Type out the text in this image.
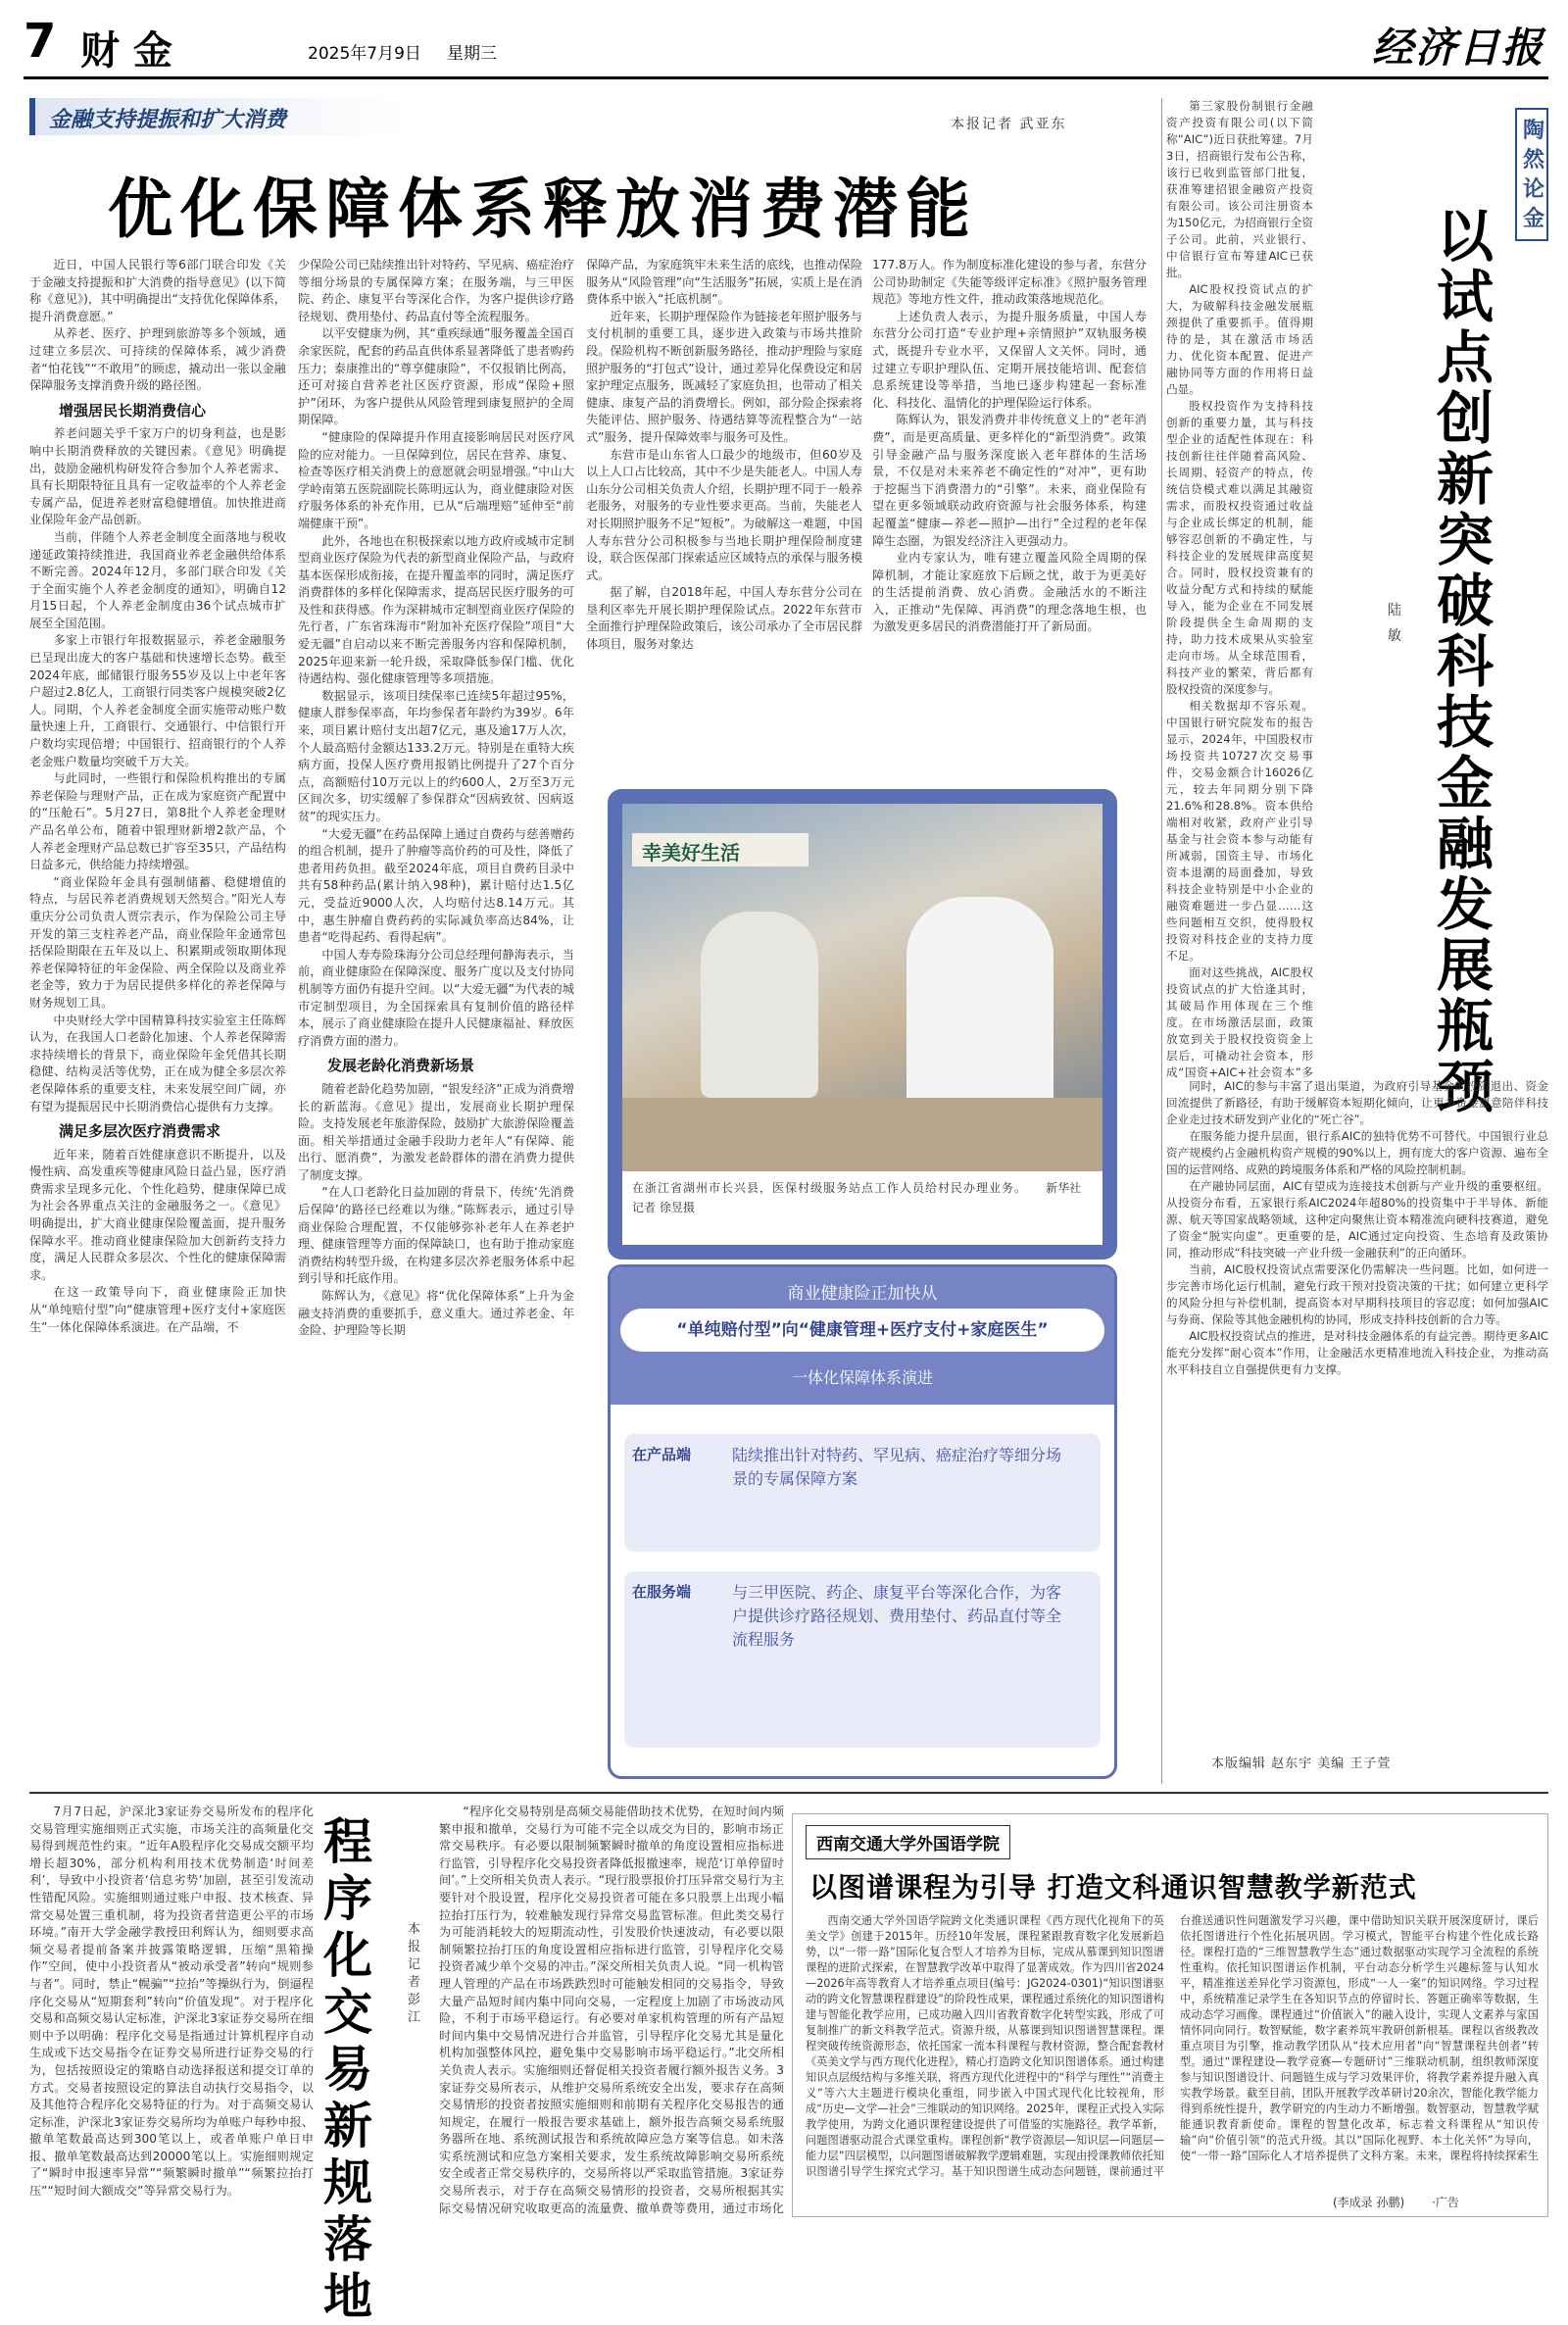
7 财金	2025年7月9日 星期三	经济日报
金融支持提振和扩大消费	本报记者 武亚东
优化保障体系释放消费潜能

近日，中国人民银行等6部门联合印发《关于金融支持提振和扩大消费的指导意见》(以下简称《意见》)，其中明确提出“支持优化保障体系，提升消费意愿。”

从养老、医疗、护理到旅游等多个领域，通过建立多层次、可持续的保障体系，减少消费者“怕花钱”“不敢用”的顾虑，撬动出一张以金融保障服务支撑消费升级的路径图。

增强居民长期消费信心

养老问题关乎千家万户的切身利益，也是影响中长期消费释放的关键因素。《意见》明确提出，鼓励金融机构研发符合参加个人养老需求、具有长期限特征且具有一定收益率的个人养老金专属产品，促进养老财富稳健增值。加快推进商业保险年金产品创新。

当前，伴随个人养老金制度全面落地与税收递延政策持续推进，我国商业养老金融供给体系不断完善。2024年12月，多部门联合印发《关于全面实施个人养老金制度的通知》，明确自12月15日起，个人养老金制度由36个试点城市扩展至全国范围。

多家上市银行年报数据显示，养老金融服务已呈现出庞大的客户基础和快速增长态势。截至2024年底，邮储银行服务55岁及以上中老年客户超过2.8亿人，工商银行同类客户规模突破2亿人。同期，个人养老金制度全面实施带动账户数量快速上升，工商银行、交通银行、中信银行开户数均实现倍增；中国银行、招商银行的个人养老金账户数量均突破千万大关。

与此同时，一些银行和保险机构推出的专属养老保险与理财产品，正在成为家庭资产配置中的“压舱石”。5月27日，第8批个人养老金理财产品名单公布，随着中银理财新增2款产品，个人养老金理财产品总数已扩容至35只，产品结构日益多元，供给能力持续增强。

“商业保险年金具有强制储蓄、稳健增值的特点，与居民养老消费规划天然契合。”阳光人寿重庆分公司负责人贾宗表示，作为保险公司主导开发的第三支柱养老产品，商业保险年金通常包括保险期限在五年及以上、积累期或领取期体现养老保障特征的年金保险、两全保险以及商业养老金等，致力于为居民提供多样化的养老保障与财务规划工具。

中央财经大学中国精算科技实验室主任陈辉认为，在我国人口老龄化加速、个人养老保障需求持续增长的背景下，商业保险年金凭借其长期稳健、结构灵活等优势，正在成为健全多层次养老保障体系的重要支柱，未来发展空间广阔，亦有望为提振居民中长期消费信心提供有力支撑。

满足多层次医疗消费需求

近年来，随着百姓健康意识不断提升，以及慢性病、高发重疾等健康风险日益凸显，医疗消费需求呈现多元化、个性化趋势，健康保障已成为社会各界重点关注的金融服务之一。《意见》明确提出，扩大商业健康保险覆盖面，提升服务保障水平。推动商业健康保险加大创新药支持力度，满足人民群众多层次、个性化的健康保障需求。

在这一政策导向下，商业健康险正加快从“单纯赔付型”向“健康管理+医疗支付+家庭医生”一体化保障体系演进。在产品端，不

少保险公司已陆续推出针对特药、罕见病、癌症治疗等细分场景的专属保障方案；在服务端，与三甲医院、药企、康复平台等深化合作，为客户提供诊疗路径规划、费用垫付、药品直付等全流程服务。

以平安健康为例，其“重疾绿通”服务覆盖全国百余家医院，配套的药品直供体系显著降低了患者购药压力；泰康推出的“尊享健康险”，不仅报销比例高，还可对接自营养老社区医疗资源，形成“保险+照护”闭环，为客户提供从风险管理到康复照护的全周期保障。

“健康险的保障提升作用直接影响居民对医疗风险的应对能力。一旦保障到位，居民在营养、康复、检查等医疗相关消费上的意愿就会明显增强。”中山大学岭南第五医院副院长陈明远认为，商业健康险对医疗服务体系的补充作用，已从“后端理赔”延伸至“前端健康干预”。

此外，各地也在积极探索以地方政府或城市定制型商业医疗保险为代表的新型商业保险产品，与政府基本医保形成衔接，在提升覆盖率的同时，满足医疗消费群体的多样化保障需求，提高居民医疗服务的可及性和获得感。作为深耕城市定制型商业医疗保险的先行者，广东省珠海市“附加补充医疗保险”项目“大爱无疆”自启动以来不断完善服务内容和保障机制，2025年迎来新一轮升级，采取降低参保门槛、优化待遇结构、强化健康管理等多项措施。

数据显示，该项目续保率已连续5年超过95%，健康人群参保率高，年均参保者年龄约为39岁。6年来，项目累计赔付支出超7亿元，惠及逾17万人次，个人最高赔付金额达133.2万元。特别是在重特大疾病方面，投保人医疗费用报销比例提升了27个百分点，高额赔付10万元以上的约600人，2万至3万元区间次多，切实缓解了参保群众“因病致贫、因病返贫”的现实压力。

“大爱无疆”在药品保障上通过自费药与慈善赠药的组合机制，提升了肿瘤等高价药的可及性，降低了患者用药负担。截至2024年底，项目自费药目录中共有58种药品(累计纳入98种)，累计赔付达1.5亿元，受益近9000人次，人均赔付达8.14万元。其中，惠生肿瘤自费药药的实际减负率高达84%，让患者“吃得起药、看得起病”。

中国人寿寿险珠海分公司总经理何静海表示，当前，商业健康险在保障深度、服务广度以及支付协同机制等方面仍有提升空间。以“大爱无疆”为代表的城市定制型项目，为全国探索具有复制价值的路径样本，展示了商业健康险在提升人民健康福祉、释放医疗消费方面的潜力。

发展老龄化消费新场景

随着老龄化趋势加剧，“银发经济”正成为消费增长的新蓝海。《意见》提出，发展商业长期护理保险。支持发展老年旅游保险，鼓励扩大旅游保险覆盖面。相关举措通过金融手段助力老年人“有保障、能出行、愿消费”，为激发老龄群体的潜在消费力提供了制度支撑。

“在人口老龄化日益加剧的背景下，传统‘先消费后保障’的路径已经难以为继。”陈辉表示，通过引导商业保险合理配置，不仅能够弥补老年人在养老护理、健康管理等方面的保障缺口，也有助于推动家庭消费结构转型升级，在构建多层次养老服务体系中起到引导和托底作用。

陈辉认为，《意见》将“优化保障体系”上升为金融支持消费的重要抓手，意义重大。通过养老金、年金险、护理险等长期

保障产品，为家庭筑牢未来生活的底线，也推动保险服务从“风险管理”向“生活服务”拓展，实质上是在消费体系中嵌入“托底机制”。

近年来，长期护理保险作为链接老年照护服务与支付机制的重要工具，逐步进入政策与市场共推阶段。保险机构不断创新服务路径，推动护理险与家庭照护服务的“打包式”设计，通过差异化保费设定和居家护理定点服务，既减轻了家庭负担，也带动了相关健康、康复产品的消费增长。例如，部分险企探索将失能评估、照护服务、待遇结算等流程整合为“一站式”服务，提升保障效率与服务可及性。

东营市是山东省人口最少的地级市，但60岁及以上人口占比较高，其中不少是失能老人。中国人寿山东分公司相关负责人介绍，长期护理不同于一般养老服务，对服务的专业性要求更高。当前，失能老人对长期照护服务不足“短板”。为破解这一难题，中国人寿东营分公司积极参与当地长期护理保险制度建设，联合医保部门探索适应区域特点的承保与服务模式。

据了解，自2018年起，中国人寿东营分公司在垦利区率先开展长期护理保险试点。2022年东营市全面推行护理保险政策后，该公司承办了全市居民群体项目，服务对象达

177.8万人。作为制度标准化建设的参与者，东营分公司协助制定《失能等级评定标准》《照护服务管理规范》等地方性文件，推动政策落地规范化。

上述负责人表示，为提升服务质量，中国人寿东营分公司打造“专业护理+亲情照护”双轨服务模式，既提升专业水平，又保留人文关怀。同时，通过建立专职护理队伍、定期开展技能培训、配套信息系统建设等举措，当地已逐步构建起一套标准化、科技化、温情化的护理保险运行体系。

陈辉认为，银发消费并非传统意义上的“老年消费”，而是更高质量、更多样化的“新型消费”。政策引导金融产品与服务深度嵌入老年群体的生活场景，不仅是对未来养老不确定性的“对冲”，更有助于挖掘当下消费潜力的“引擎”。未来，商业保险有望在更多领域联动政府资源与社会服务体系，构建起覆盖“健康—养老—照护—出行”全过程的老年保障生态圈，为银发经济注入更强动力。

业内专家认为，唯有建立覆盖风险全周期的保障机制，才能让家庭放下后顾之忧，敢于为更美好的生活提前消费、放心消费。金融活水的不断注入，正推动“先保障、再消费”的理念落地生根，也为激发更多居民的消费潜能打开了新局面。

幸美好生活
在浙江省湖州市长兴县，医保村级服务站点工作人员给村民办理业务。 新华社记者 徐昱摄
商业健康险正加快从
“单纯赔付型”向“健康管理+医疗支付+家庭医生”
一体化保障体系演进
在产品端	陆续推出针对特药、罕见病、癌症治疗等细分场景的专属保障方案
在服务端	与三甲医院、药企、康复平台等深化合作，为客户提供诊疗路径规划、费用垫付、药品直付等全流程服务

第三家股份制银行金融资产投资有限公司(以下简称“AIC”)近日获批筹建。7月3日，招商银行发布公告称，该行已收到监管部门批复，获准筹建招银金融资产投资有限公司。该公司注册资本为150亿元，为招商银行全资子公司。此前，兴业银行、中信银行宣布筹建AIC已获批。

AIC股权投资试点的扩大，为破解科技金融发展瓶颈提供了重要抓手。值得期待的是，其在激活市场活力、优化资本配置、促进产融协同等方面的作用将日益凸显。

股权投资作为支持科技创新的重要力量，其与科技型企业的适配性体现在：科技创新往往伴随着高风险、长周期、轻资产的特点，传统信贷模式难以满足其融资需求，而股权投资通过收益与企业成长绑定的机制，能够容忍创新的不确定性，与科技企业的发展规律高度契合。同时，股权投资兼有的收益分配方式和持续的赋能导入，能为企业在不同发展阶段提供全生命周期的支持，助力技术成果从实验室走向市场。从全球范围看，科技产业的繁荣，背后都有股权投资的深度参与。

相关数据却不容乐观。中国银行研究院发布的报告显示，2024年，中国股权市场投资共10727次交易事件，交易金额合计16026亿元，较去年同期分别下降21.6%和28.8%。资本供给端相对收紧，政府产业引导基金与社会资本参与动能有所减弱，国资主导、市场化资本退潮的局面叠加，导致科技企业特别是中小企业的融资难题进一步凸显……这些问题相互交织，使得股权投资对科技企业的支持力度不足。

面对这些挑战，AIC股权投资试点的扩大恰逢其时，其破局作用体现在三个维度。在市场激活层面，政策放宽到关于股权投资资金上层后，可撬动社会资本，形成“国资+AIC+社会资本”多

陆敏
陶然论金
以试点创新突破科技金融发展瓶颈

同时，AIC的参与丰富了退出渠道，为政府引导基金的投资退出、资金回流提供了新路径，有助于缓解资本短期化倾向，让更多资金愿意陪伴科技企业走过技术研发到产业化的“死亡谷”。

在服务能力提升层面，银行系AIC的独特优势不可替代。中国银行业总资产规模约占金融机构资产规模的90%以上，拥有庞大的客户资源、遍布全国的运营网络、成熟的跨境服务体系和严格的风险控制机制。

在产融协同层面，AIC有望成为连接技术创新与产业升级的重要枢纽。从投资分布看，五家银行系AIC2024年超80%的投资集中于半导体、新能源、航天等国家战略领域，这种定向聚焦让资本精准流向硬科技赛道，避免了资金“脱实向虚”。更重要的是，AIC通过定向投资、生态培育及政策协同，推动形成“科技突破一产业升级一金融获利”的正向循环。

当前，AIC股权投资试点需要深化仍需解决一些问题。比如，如何进一步完善市场化运行机制，避免行政干预对投资决策的干扰；如何建立更科学的风险分担与补偿机制，提高资本对早期科技项目的容忍度；如何加强AIC与券商、保险等其他金融机构的协同，形成支持科技创新的合力等。

AIC股权投资试点的推进，是对科技金融体系的有益完善。期待更多AIC能充分发挥“耐心资本”作用，让金融活水更精准地流入科技企业，为推动高水平科技自立自强提供更有力支撑。

本版编辑 赵东宇 美编 王子萱

7月7日起，沪深北3家证券交易所发布的程序化交易管理实施细则正式实施，市场关注的高频量化交易得到规范性约束。“近年A股程序化交易成交额平均增长超30%，部分机构利用技术优势制造‘时间差利’，导致中小投资者‘信息劣势’加剧，甚至引发流动性错配风险。实施细则通过账户申报、技术核查、异常交易处置三重机制，将为投资者营造更公平的市场环境。”南开大学金融学教授田利辉认为，细则要求高频交易者提前备案并披露策略逻辑，压缩“黑箱操作”空间，使中小投资者从“被动承受者”转向“规则参与者”。同时，禁止“幌骗”“拉抬”等操纵行为，倒逼程序化交易从“短期套利”转向“价值发现”。对于程序化交易和高频交易认定标准，沪深北3家证券交易所在细则中予以明确：程序化交易是指通过计算机程序自动生成或下达交易指令在证券交易所进行证券交易的行为，包括按照设定的策略自动选择报送和提交订单的方式。交易者按照设定的算法自动执行交易指令，以及其他符合程序化交易特征的行为。对于高频交易认定标准，沪深北3家证券交易所均为单账户每秒申报、撤单笔数最高达到300笔以上，或者单账户单日申报、撤单笔数最高达到20000笔以上。实施细则规定了“瞬时申报速率异常”“频繁瞬时撤单”“频繁拉抬打压”“短时间大额成交”等异常交易行为。

程序化交易新规落地
本报记者 彭江

“程序化交易特别是高频交易能借助技术优势，在短时间内频繁申报和撤单，交易行为可能不完全以成交为目的，影响市场正常交易秩序。有必要以限制频繁瞬时撤单的角度设置相应指标进行监管，引导程序化交易投资者降低报撤速率，规范‘订单停留时间’。”上交所相关负责人表示。“现行股票报价打压异常交易行为主要针对个股设置，程序化交易投资者可能在多只股票上出现小幅拉抬打压行为，较难触发现行异常交易监管标准。但此类交易行为可能消耗较大的短期流动性，引发股价快速波动，有必要以限制频繁拉抬打压的角度设置相应指标进行监管，引导程序化交易投资者减少单个交易的冲击。”深交所相关负责人说。“同一机构管理人管理的产品在市场跌跌烈时可能触发相同的交易指令，导致大量产品短时间内集中同向交易，一定程度上加剧了市场波动风险，不利于市场平稳运行。有必要对单家机构管理的所有产品短时间内集中交易情况进行合并监管，引导程序化交易尤其是量化机构加强整体风控，避免集中交易影响市场平稳运行。”北交所相关负责人表示。实施细则还督促相关投资者履行额外报告义务。3家证券交易所表示，从维护交易所系统安全出发，要求存在高频交易情形的投资者按照实施细则和前期有关程序化交易报告的通知规定，在履行一般报告要求基础上，额外报告高频交易系统服务器所在地、系统测试报告和系统故障应急方案等信息。如未落实系统测试和应急方案相关要求，发生系统故障影响交易所系统安全或者正常交易秩序的，交易所将以严采取监管措施。3家证券交易所表示，对于存在高频交易情形的投资者，交易所根据其实际交易情况研究收取更高的流量费、撤单费等费用，通过市场化

西南交通大学外国语学院
以图谱课程为引导 打造文科通识智慧教学新范式

西南交通大学外国语学院跨文化类通识课程《西方现代化视角下的英美文学》创建于2015年。历经10年发展，课程紧跟教育数字化发展新趋势，以“一带一路”国际化复合型人才培养为目标，完成从慕课到知识图谱课程的进阶式探索，在智慧教学改革中取得了显著成效。作为四川省2024—2026年高等教育人才培养重点项目(编号：JG2024-0301)“知识图谱驱动的跨文化智慧课程群建设”的阶段性成果，课程通过系统化的知识图谱构建与智能化教学应用，已成功融入四川省教育数字化转型实践，形成了可复制推广的新文科教学范式。资源升级，从慕课到知识图谱智慧课程。课程突破传统资源形态，依托国家一流本科课程与教材资源，整合配套教材《英美文学与西方现代化进程》，精心打造跨文化知识图谱体系。通过构建知识点层级结构与多维关联，将西方现代化进程中的“科学与理性”“消费主义”等六大主题进行模块化重组，同步嵌入中国式现代化比较视角，形成“历史—文学—社会”三维联动的知识网络。2025年，课程正式投入实际教学使用，为跨文化通识课程建设提供了可借鉴的实施路径。教学革新，问题图谱驱动混合式课堂重构。课程创新“教学资源层—知识层—问题层—能力层”四层模型，以问题图谱破解教学逻辑难题，实现由授课教师依托知识图谱引导学生探究式学习。基于知识图谱生成动态问题链，课前通过平台推送通识性问题激发学习兴趣，课中借助知识关联开展深度研讨，课后依托图谱进行个性化拓展巩固。学习模式，智能平台构建个性化成长路径。课程打造的“三维智慧教学生态”通过数据驱动实现学习全流程的系统性重构。依托知识图谱运作机制，平台动态分析学生兴趣标签与认知水平，精准推送差异化学习资源包，形成“一人一案”的知识网络。学习过程中，系统精准记录学生在各知识节点的停留时长、答题正确率等数据，生成动态学习画像。课程通过“价值嵌入”的融入设计，实现人文素养与家国情怀同向同行。数智赋能，数字素养筑牢教研创新根基。课程以省级教改重点项目为引擎，推动教学团队从“技术应用者”向“智慧课程共创者”转型。通过“课程建设—教学竞赛—专题研讨”三维联动机制，组织教师深度参与知识图谱设计、问题链生成与学习效果评价，将教学素养提升融入真实教学场景。截至目前，团队开展教学改革研讨20余次，智能化教学能力得到系统性提升，教学研究的内生动力不断增强。数智驱动，智慧教学赋能通识教育新使命。课程的智慧化改革，标志着文科课程从“知识传输”向“价值引领”的范式升级。其以“国际化视野、本土化关怀”为导向，使“一带一路”国际化人才培养提供了文科方案。未来，课程将持续探索生

(李成录 孙鹏) ·广告
